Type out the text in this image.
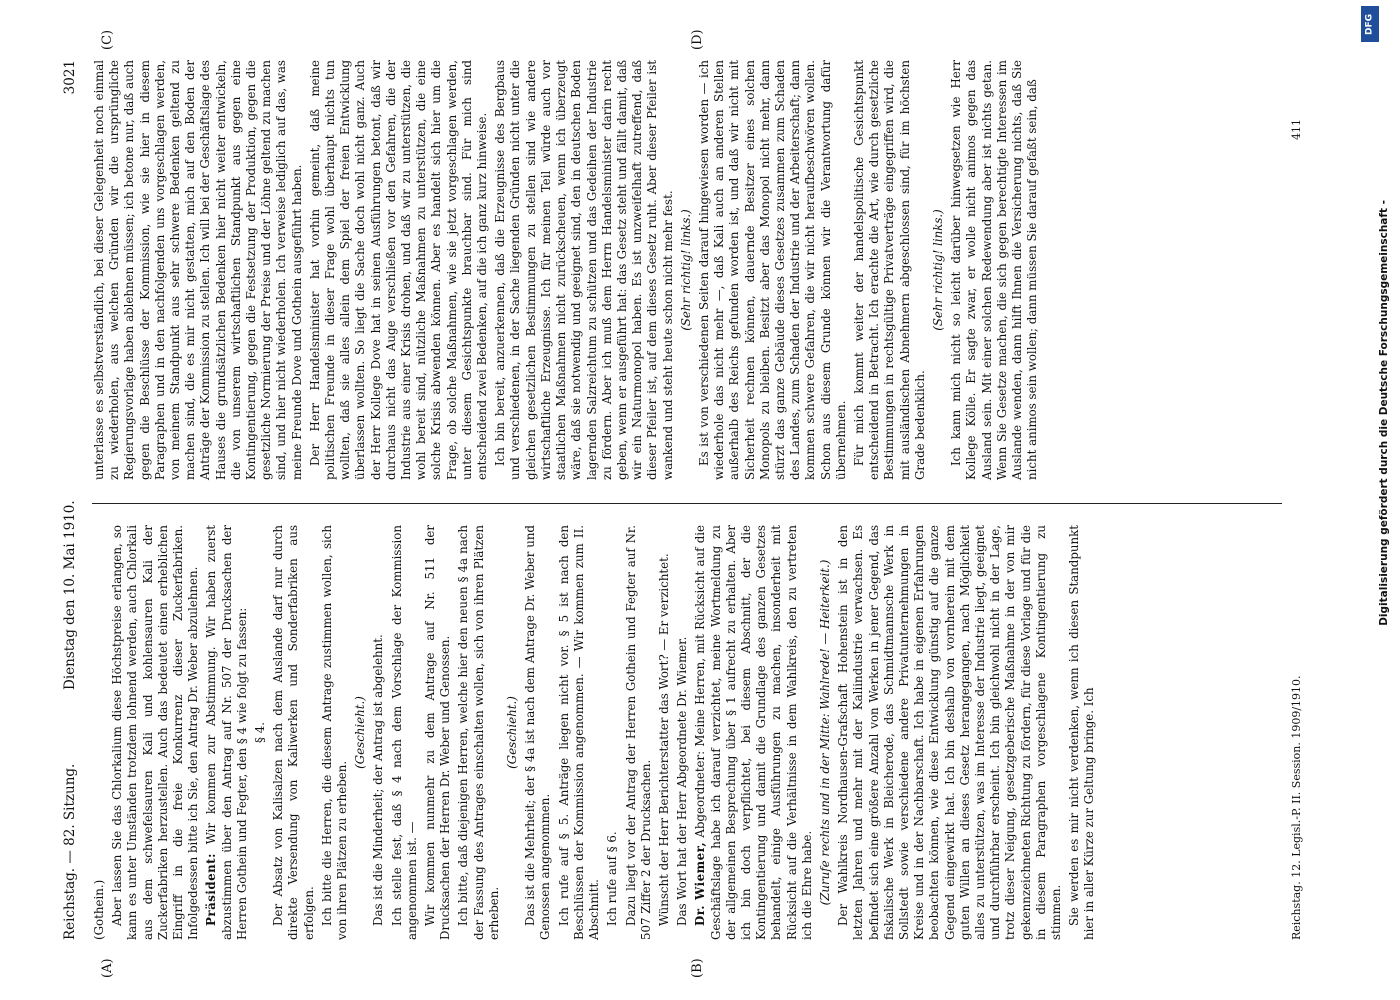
Reichstag. — 82. Sitzung.
Dienstag den 10. Mai 1910.
3021
(A)	(B)
(C)	(D)

(Gothein.) Aber lassen Sie das Chlorkalium diese Höchstpreise erlangen, so kann es unter Umständen trotzdem lohnend werden, auch Chlorkali aus dem schwefelsauren Kali und kohlensauren Kali der Zuckerfabriken herzustellen. Auch das bedeutet einen erheblichen Eingriff in die freie Konkurrenz dieser Zuckerfabriken. Infolgedessen bitte ich Sie, den Antrag Dr. Weber abzulehnen. Präsident: Wir kommen zur Abstimmung. Wir haben zuerst abzustimmen über den Antrag auf Nr. 507 der Drucksachen der Herren Gothein und Fegter, den § 4 wie folgt zu fassen: § 4. Der Absatz von Kalisalzen nach dem Auslande darf nur durch direkte Versendung von Kaliwerken und Sonderfabriken aus erfolgen. Ich bitte die Herren, die diesem Antrage zustimmen wollen, sich von ihren Plätzen zu erheben.

(Geschieht.) Das ist die Minderheit; der Antrag ist abgelehnt. Ich stelle fest, daß § 4 nach dem Vorschlage der Kommission angenommen ist. — Wir kommen nunmehr zu dem Antrage auf Nr. 511 der Drucksachen der Herren Dr. Weber und Genossen. Ich bitte, daß diejenigen Herren, welche hier den neuen § 4a nach der Fassung des Antrages einschalten wollen, sich von ihren Plätzen erheben.

(Geschieht.) Das ist die Mehrheit; der § 4a ist nach dem Antrage Dr. Weber und Genossen angenommen. Ich rufe auf § 5. Anträge liegen nicht vor. § 5 ist nach den Beschlüssen der Kommission angenommen. — Wir kommen zum II. Abschnitt. Ich rufe auf § 6. Dazu liegt vor der Antrag der Herren Gothein und Fegter auf Nr. 507 Ziffer 2 der Drucksachen. Wünscht der Herr Berichterstatter das Wort? — Er verzichtet. Das Wort hat der Herr Abgeordnete Dr. Wiemer. Dr. Wiemer, Abgeordneter: Meine Herren, mit Rücksicht auf die Geschäftslage habe ich darauf verzichtet, meine Wortmeldung zu der allgemeinen Besprechung über § 1 aufrecht zu erhalten. Aber ich bin doch verpflichtet, bei diesem Abschnitt, der die Kontingentierung und damit die Grundlage des ganzen Gesetzes behandelt, einige Ausführungen zu machen, insonderheit mit Rücksicht auf die Verhältnisse in dem Wahlkreis, den zu vertreten ich die Ehre habe. (Zurufe rechts und in der Mitte: Wahlrede! — Heiterkeit.) Der Wahlkreis Nordhausen-Grafschaft Hohenstein ist in den letzten Jahren und mehr mit der Kaliindustrie verwachsen. Es befindet sich eine größere Anzahl von Werken in jener Gegend, das fiskalische Werk in Bleicherode, das Schmidtmannsche Werk in Sollstedt sowie verschiedene andere Privatunternehmungen in Kreise und in der Nachbarschaft. Ich habe in eigenen Erfahrungen beobachten können, wie diese Entwicklung günstig auf die ganze Gegend eingewirkt hat. Ich bin deshalb von vornherein mit dem guten Willen an dieses Gesetz herangegangen, nach Möglichkeit alles zu unterstützen, was im Interesse der Industrie liegt, geeignet und durchführbar erscheint. Ich bin gleichwohl nicht in der Lage, trotz dieser Neigung, gesetzgeberische Maßnahme in der von mir gekennzeichneten Richtung zu fördern, für diese Vorlage und für die in diesem Paragraphen vorgeschlagene Kontingentierung zu stimmen. Sie werden es mir nicht verdenken, wenn ich diesen Standpunkt hier in aller Kürze zur Geltung bringe. Ich

unterlasse es selbstverständlich, bei dieser Gelegenheit noch einmal zu wiederholen, aus welchen Gründen wir die ursprüngliche Regierungsvorlage haben ablehnen müssen; ich betone nur, daß auch gegen die Beschlüsse der Kommission, wie sie hier in diesem Paragraphen und in den nachfolgenden uns vorgeschlagen werden, von meinem Standpunkt aus sehr schwere Bedenken geltend zu machen sind, die es mir nicht gestatten, mich auf den Boden der Anträge der Kommission zu stellen. Ich will bei der Geschäftslage des Hauses die grundsätzlichen Bedenken hier nicht weiter entwickeln, die von unserem wirtschaftlichen Standpunkt aus gegen eine Kontingentierung, gegen die Festsetzung der Produktion, gegen die gesetzliche Normierung der Preise und der Löhne geltend zu machen sind, und hier nicht wiederholen. Ich verweise lediglich auf das, was meine Freunde Dove und Gothein ausgeführt haben. Der Herr Handelsminister hat vorhin gemeint, daß meine politischen Freunde in dieser Frage wohl überhaupt nichts tun wollten, daß sie alles allein dem Spiel der freien Entwicklung überlassen wollten. So liegt die Sache doch wohl nicht ganz. Auch der Herr Kollege Dove hat in seinen Ausführungen betont, daß wir durchaus nicht das Auge verschließen vor den Gefahren, die der Industrie aus einer Krisis drohen, und daß wir zu unterstützen, die wohl bereit sind, nützliche Maßnahmen zu unterstützen, die eine solche Krisis abwenden können. Aber es handelt sich hier um die Frage, ob solche Maßnahmen, wie sie jetzt vorgeschlagen werden, unter diesem Gesichtspunkte brauchbar sind. Für mich sind entscheidend zwei Bedenken, auf die ich ganz kurz hinweise. Ich bin bereit, anzuerkennen, daß die Erzeugnisse des Bergbaus und verschiedenen, in der Sache liegenden Gründen nicht unter die gleichen gesetzlichen Bestimmungen zu stellen sind wie andere wirtschaftliche Erzeugnisse. Ich für meinen Teil würde auch vor staatlichen Maßnahmen nicht zurückscheuen, wenn ich überzeugt wäre, daß sie notwendig und geeignet sind, den in deutschen Boden lagernden Salzreichtum zu schützen und das Gedeihen der Industrie zu fördern. Aber ich muß dem Herrn Handelsminister darin recht geben, wenn er ausgeführt hat: das Gesetz steht und fällt damit, daß wir ein Naturmonopol haben. Es ist unzweifelhaft zutreffend, daß dieser Pfeiler ist, auf dem dieses Gesetz ruht. Aber dieser Pfeiler ist wankend und steht heute schon nicht mehr fest. (Sehr richtig! links.) Es ist von verschiedenen Seiten darauf hingewiesen worden — ich wiederhole das nicht mehr —, daß Kali auch an anderen Stellen außerhalb des Reichs gefunden worden ist, und daß wir nicht mit Sicherheit rechnen können, dauernde Besitzer eines solchen Monopols zu bleiben. Besitzt aber das Monopol nicht mehr, dann stürzt das ganze Gebäude dieses Gesetzes zusammen zum Schaden des Landes, zum Schaden der Industrie und der Arbeiterschaft; dann kommen schwere Gefahren, die wir nicht heraufbeschwören wollen. Schon aus diesem Grunde können wir die Verantwortung dafür übernehmen. Für mich kommt weiter der handelspolitische Gesichtspunkt entscheidend in Betracht. Ich erachte die Art, wie durch gesetzliche Bestimmungen in rechtsgültige Privatverträge eingegriffen wird, die mit ausländischen Abnehmern abgeschlossen sind, für im höchsten Grade bedenklich.

(Sehr richtig! links.) Ich kann mich nicht so leicht darüber hinwegsetzen wie Herr Kollege Kölle. Er sagte zwar, er wolle nicht animos gegen das Ausland sein. Mit einer solchen Redewendung aber ist nichts getan. Wenn Sie Gesetze machen, die sich gegen berechtigte Interessen im Auslande wenden, dann hilft Ihnen die Versicherung nichts, daß Sie nicht animos sein wollen; dann müssen Sie darauf gefaßt sein, daß

Reichstag. 12. Legisl.-P. II. Session. 1909/1910.
411
DFG
Digitalisierung gefördert durch die Deutsche Forschungsgemeinschaft -
